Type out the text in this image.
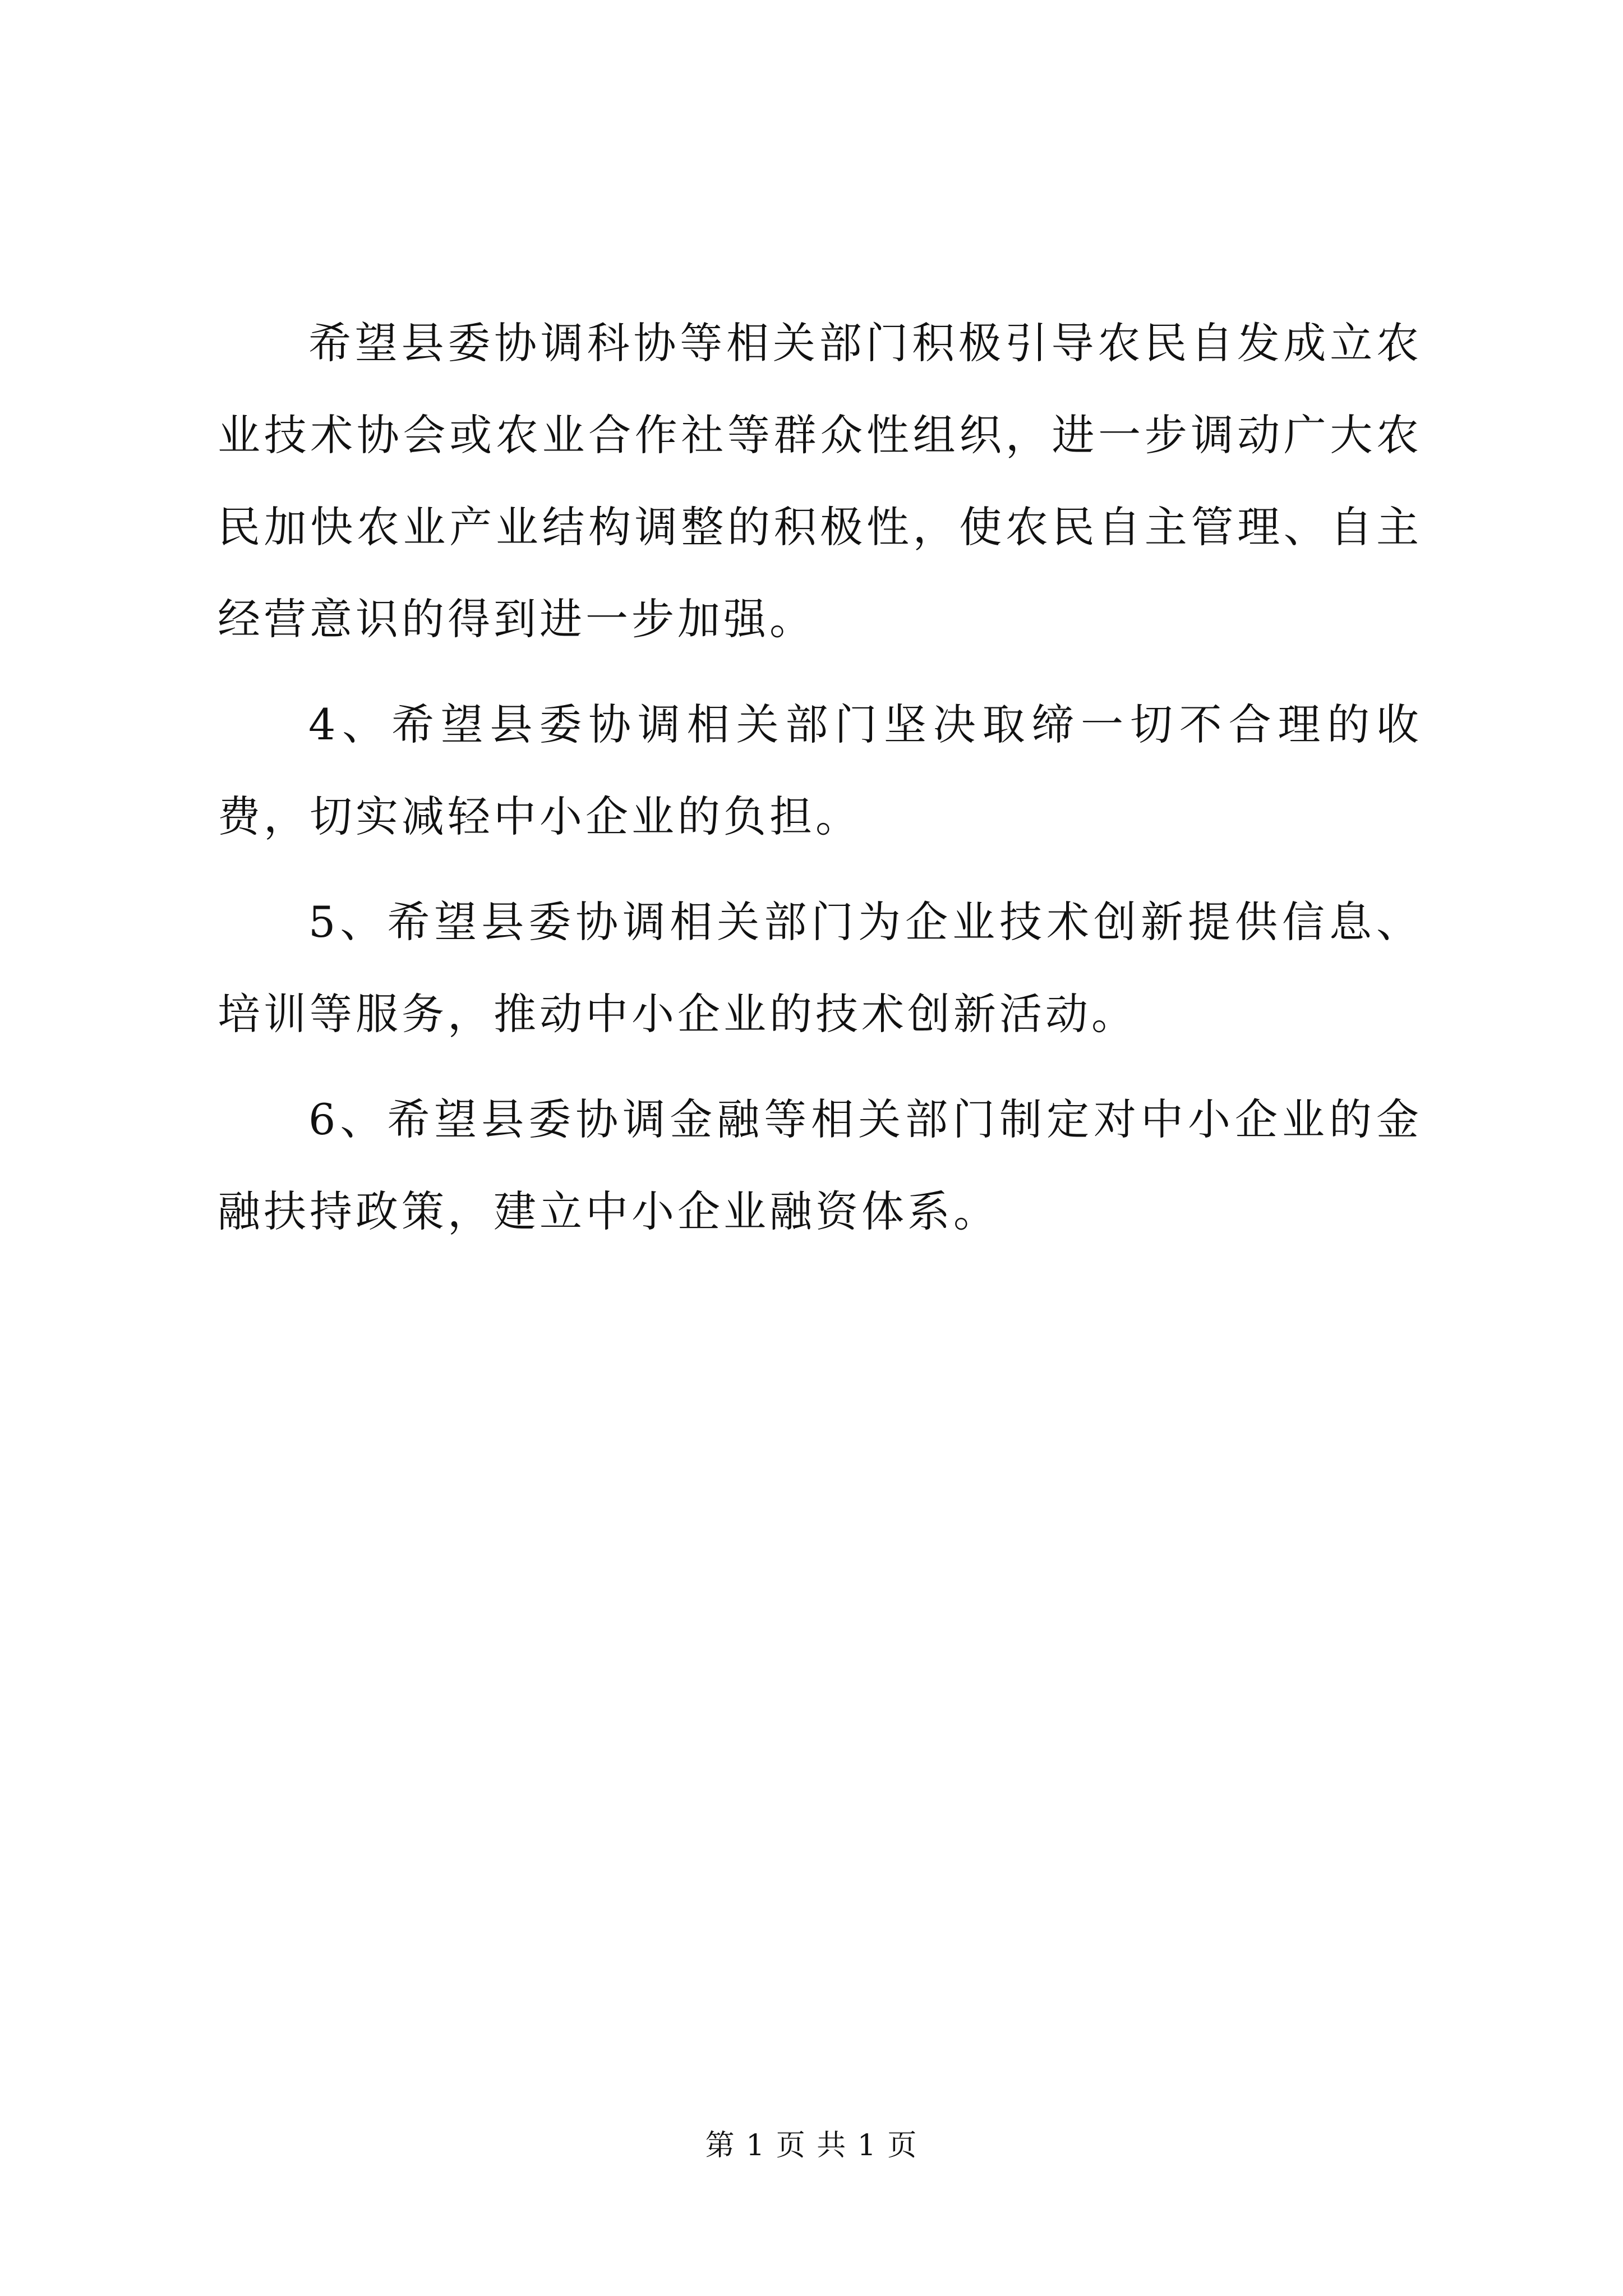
希望县委协调科协等相关部门积极引导农民自发成立农业技术协会或农业合作社等群众性组织，进一步调动广大农民加快农业产业结构调整的积极性，使农民自主管理、自主经营意识的得到进一步加强。

4、希望县委协调相关部门坚决取缔一切不合理的收费，切实减轻中小企业的负担。

5、希望县委协调相关部门为企业技术创新提供信息、培训等服务，推动中小企业的技术创新活动。

6、希望县委协调金融等相关部门制定对中小企业的金融扶持政策，建立中小企业融资体系。

第 1 页 共 1 页
